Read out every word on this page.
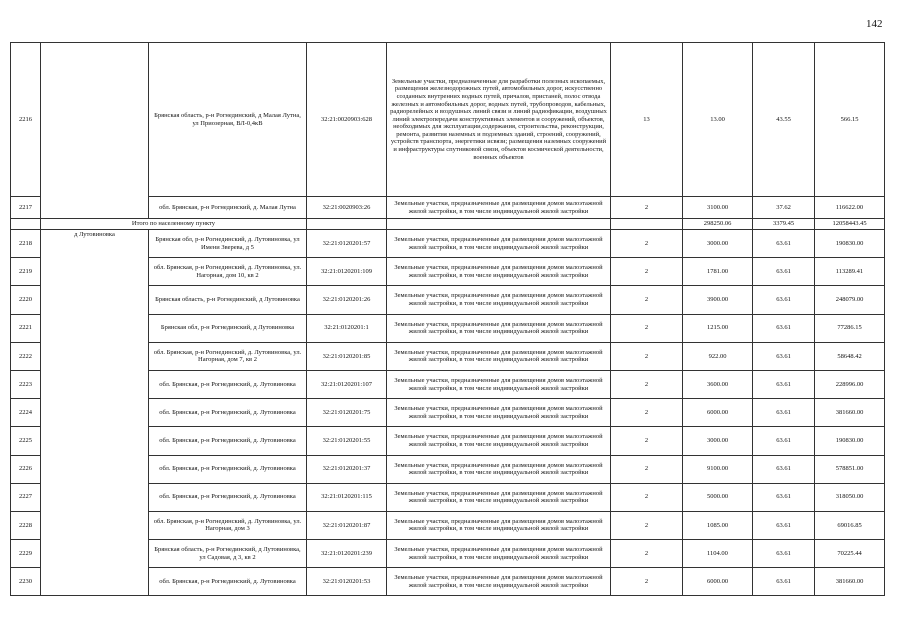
142
2216		Брянская область, р-н Рогнединский, д Малая Лутна, ул Приозерная, ВЛ-0,4кВ	32:21:0020903:628	Земельные участки, предназначенные для разработки полезных ископаемых, размещения железнодорожных путей, автомобильных дорог, искусственно созданных внутренних водных путей, причалов, пристаней, полос отвода железных и автомобильных дорог, водных путей, трубопроводов, кабельных, радиорелейных и воздушных линий связи и линий радиофикации, воздушных линий электропередачи конструктивных элементов и сооружений, объектов, необходимых для эксплуатации,содержания, строительства, реконструкции, ремонта, развития наземных и подземных зданий, строений, сооружений, устройств транспорта, энергетики исвязи; размещения наземных сооружений и инфраструктуры спутниковой связи, объектов космической деятельности, военных объектов	13	13.00	43.55	566.15
2217		обл. Брянская, р-н Рогнединский, д. Малая Лутна	32:21:0020903:26	Земельные участки, предназначенные для размещения домов малоэтажной жилой застройки, в том числе индивидуальной жилой застройки	2	3100.00	37.62	116622.00
	Итого по населенному пункту					298250.06	3379.45	12058443.45
2218	д Лутовиновка	Брянская обл, р-н Рогнединский, д. Лутовиновка, ул Имени Зверева, д 5	32:21:0120201:57	Земельные участки, предназначенные для размещения домов малоэтажной жилой застройки, в том числе индивидуальной жилой застройки	2	3000.00	63.61	190830.00
2219		обл. Брянская, р-н Рогнединский, д. Лутовиновка, ул. Нагорная, дом 10, кв 2	32:21:0120201:109	Земельные участки, предназначенные для размещения домов малоэтажной жилой застройки, в том числе индивидуальной жилой застройки	2	1781.00	63.61	113289.41
2220		Брянская область, р-н Рогнединский, д Лутовиновка	32:21:0120201:26	Земельные участки, предназначенные для размещения домов малоэтажной жилой застройки, в том числе индивидуальной жилой застройки	2	3900.00	63.61	248079.00
2221		Брянская обл, р-н Рогнединский, д Лутовиновка	32:21:0120201:1	Земельные участки, предназначенные для размещения домов малоэтажной жилой застройки, в том числе индивидуальной жилой застройки	2	1215.00	63.61	77286.15
2222		обл. Брянская, р-н Рогнединский, д. Лутовиновка, ул. Нагорная, дом 7, кв 2	32:21:0120201:85	Земельные участки, предназначенные для размещения домов малоэтажной жилой застройки, в том числе индивидуальной жилой застройки	2	922.00	63.61	58648.42
2223		обл. Брянская, р-н Рогнединский, д. Лутовиновка	32:21:0120201:107	Земельные участки, предназначенные для размещения домов малоэтажной жилой застройки, в том числе индивидуальной жилой застройки	2	3600.00	63.61	228996.00
2224		обл. Брянская, р-н Рогнединский, д. Лутовиновка	32:21:0120201:75	Земельные участки, предназначенные для размещения домов малоэтажной жилой застройки, в том числе индивидуальной жилой застройки	2	6000.00	63.61	381660.00
2225		обл. Брянская, р-н Рогнединский, д. Лутовиновка	32:21:0120201:55	Земельные участки, предназначенные для размещения домов малоэтажной жилой застройки, в том числе индивидуальной жилой застройки	2	3000.00	63.61	190830.00
2226		обл. Брянская, р-н Рогнединский, д. Лутовиновка	32:21:0120201:37	Земельные участки, предназначенные для размещения домов малоэтажной жилой застройки, в том числе индивидуальной жилой застройки	2	9100.00	63.61	578851.00
2227		обл. Брянская, р-н Рогнединский, д. Лутовиновка	32:21:0120201:115	Земельные участки, предназначенные для размещения домов малоэтажной жилой застройки, в том числе индивидуальной жилой застройки	2	5000.00	63.61	318050.00
2228		обл. Брянская, р-н Рогнединский, д. Лутовиновка, ул. Нагорная, дом 3	32:21:0120201:87	Земельные участки, предназначенные для размещения домов малоэтажной жилой застройки, в том числе индивидуальной жилой застройки	2	1085.00	63.61	69016.85
2229		Брянская область, р-н Рогнединский, д Лутовиновка, ул Садовая, д 3, кв 2	32:21:0120201:239	Земельные участки, предназначенные для размещения домов малоэтажной жилой застройки, в том числе индивидуальной жилой застройки	2	1104.00	63.61	70225.44
2230		обл. Брянская, р-н Рогнединский, д. Лутовиновка	32:21:0120201:53	Земельные участки, предназначенные для размещения домов малоэтажной жилой застройки, в том числе индивидуальной жилой застройки	2	6000.00	63.61	381660.00
